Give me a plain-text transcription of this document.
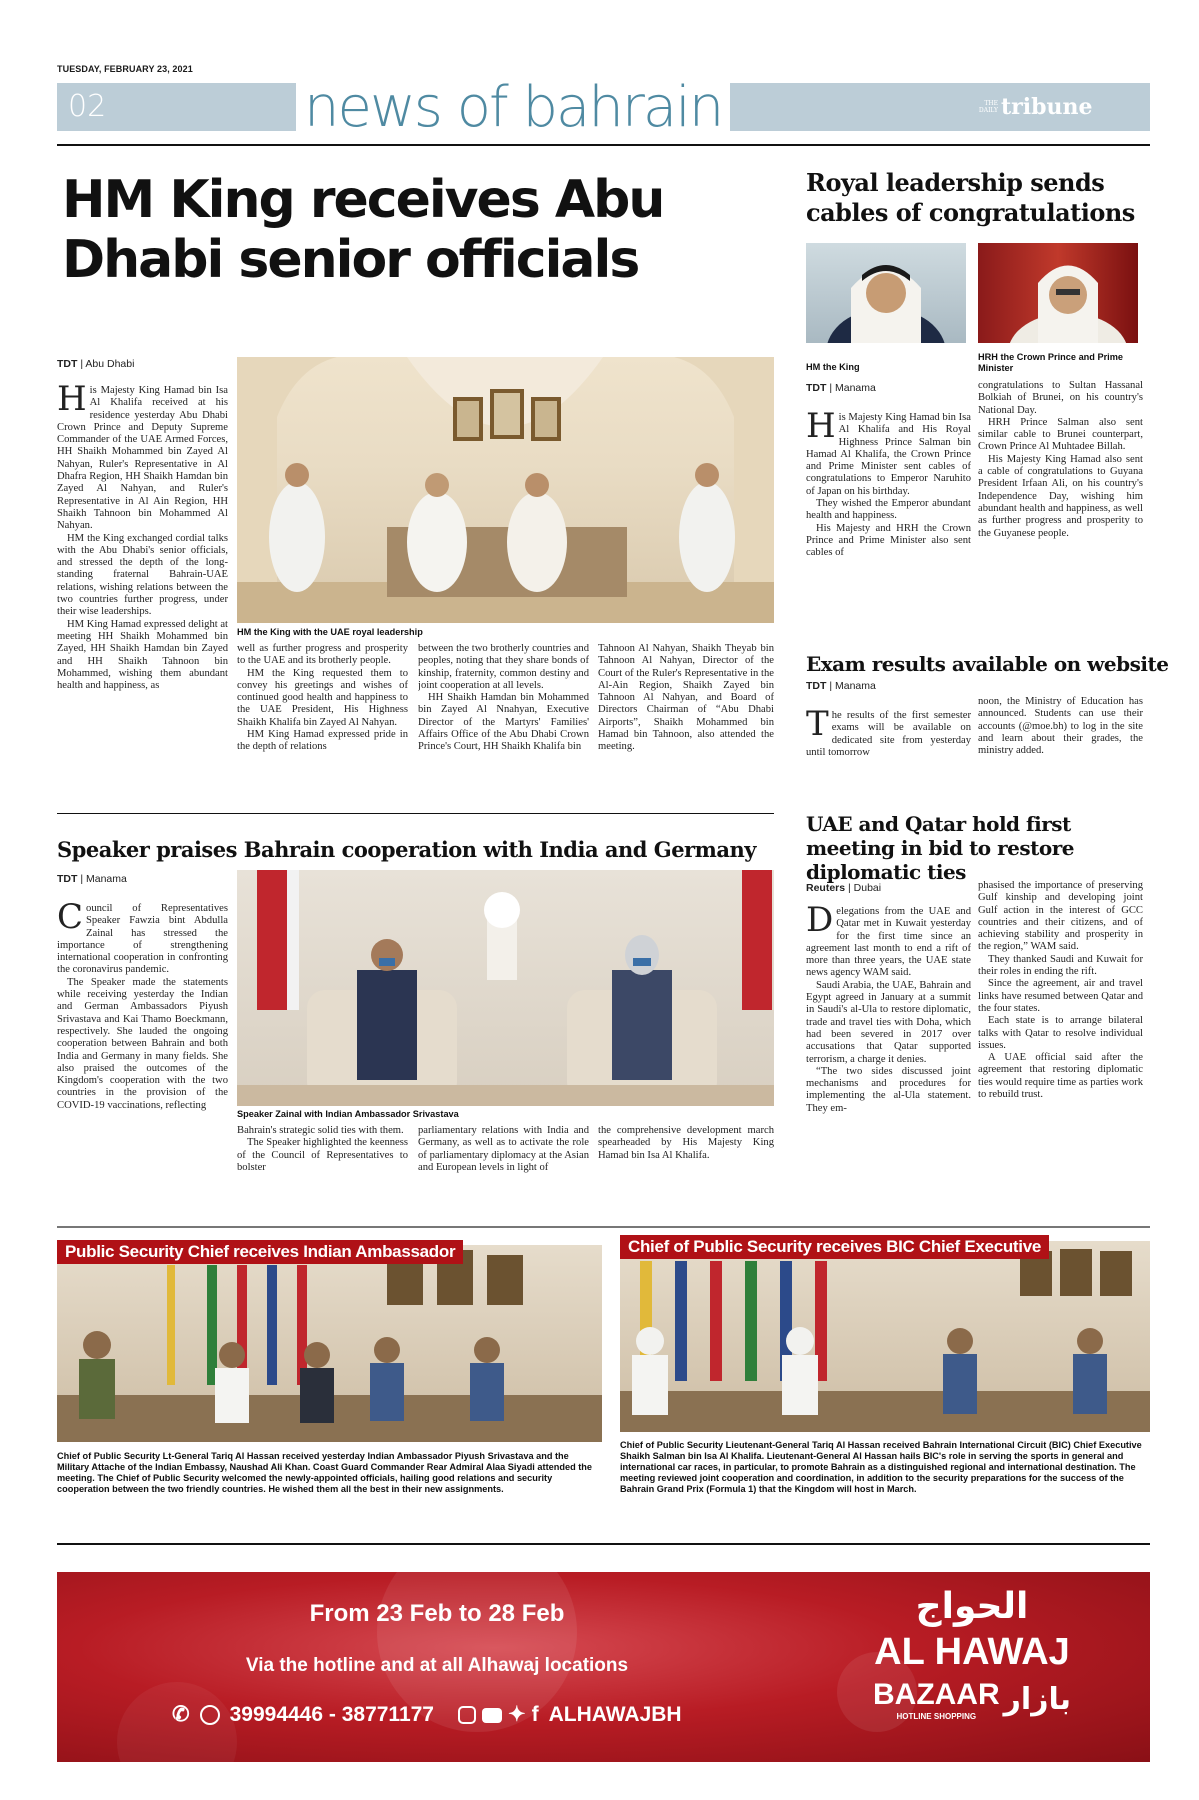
TUESDAY, FEBRUARY 23, 2021
02	news of bahrain	THE DAILY tribune
HM King receives Abu Dhabi senior officials
TDT | Abu Dhabi

His Majesty King Hamad bin Isa Al Khalifa received at his residence yesterday Abu Dhabi Crown Prince and Deputy Supreme Commander of the UAE Armed Forces, HH Shaikh Mohammed bin Zayed Al Nahyan, Ruler's Representative in Al Dhafra Region, HH Shaikh Hamdan bin Zayed Al Nahyan, and Ruler's Representative in Al Ain Region, HH Shaikh Tahnoon bin Mohammed Al Nahyan.

HM the King exchanged cordial talks with the Abu Dhabi's senior officials, and stressed the depth of the long-standing fraternal Bahrain-UAE relations, wishing relations between the two countries further progress, under their wise leaderships.

HM King Hamad expressed delight at meeting HH Shaikh Mohammed bin Zayed, HH Shaikh Hamdan bin Zayed and HH Shaikh Tahnoon bin Mohammed, wishing them abundant health and happiness, as

HM the King with the UAE royal leadership

well as further progress and prosperity to the UAE and its brotherly people.

HM the King requested them to convey his greetings and wishes of continued good health and happiness to the UAE President, His Highness Shaikh Khalifa bin Zayed Al Nahyan.

HM King Hamad expressed pride in the depth of relations

between the two brotherly countries and peoples, noting that they share bonds of kinship, fraternity, common destiny and joint cooperation at all levels.

HH Shaikh Hamdan bin Mohammed bin Zayed Al Nnahyan, Executive Director of the Martyrs' Families' Affairs Office of the Abu Dhabi Crown Prince's Court, HH Shaikh Khalifa bin

Tahnoon Al Nahyan, Shaikh Theyab bin Tahnoon Al Nahyan, Director of the Court of the Ruler's Representative in the Al-Ain Region, Shaikh Zayed bin Tahnoon Al Nahyan, and Board of Directors Chairman of “Abu Dhabi Airports”, Shaikh Mohammed bin Hamad bin Tahnoon, also attended the meeting.

Royal leadership sends cables of congratulations
HM the King
HRH the Crown Prince and Prime Minister
TDT | Manama

His Majesty King Hamad bin Isa Al Khalifa and His Royal Highness Prince Salman bin Hamad Al Khalifa, the Crown Prince and Prime Minister sent cables of congratulations to Emperor Naruhito of Japan on his birthday.

They wished the Emperor abundant health and happiness.

His Majesty and HRH the Crown Prince and Prime Minister also sent cables of

congratulations to Sultan Hassanal Bolkiah of Brunei, on his country's National Day.

HRH Prince Salman also sent similar cable to Brunei counterpart, Crown Prince Al Muhtadee Billah.

His Majesty King Hamad also sent a cable of congratulations to Guyana President Irfaan Ali, on his country's Independence Day, wishing him abundant health and happiness, as well as further progress and prosperity to the Guyanese people.

Exam results available on website
TDT | Manama

The results of the first semester exams will be available on dedicated site from yesterday until tomorrow

noon, the Ministry of Education has announced. Students can use their accounts (@moe.bh) to log in the site and learn about their grades, the ministry added.

Speaker praises Bahrain cooperation with India and Germany
TDT | Manama

Council of Representatives Speaker Fawzia bint Abdulla Zainal has stressed the importance of strengthening international cooperation in confronting the coronavirus pandemic.

The Speaker made the statements while receiving yesterday the Indian and German Ambassadors Piyush Srivastava and Kai Thamo Boeckmann, respectively. She lauded the ongoing cooperation between Bahrain and both India and Germany in many fields. She also praised the outcomes of the Kingdom's cooperation with the two countries in the provision of the COVID-19 vaccinations, reflecting

Speaker Zainal with Indian Ambassador Srivastava

Bahrain's strategic solid ties with them.

The Speaker highlighted the keenness of the Council of Representatives to bolster

parliamentary relations with India and Germany, as well as to activate the role of parliamentary diplomacy at the Asian and European levels in light of

the comprehensive development march spearheaded by His Majesty King Hamad bin Isa Al Khalifa.

UAE and Qatar hold first meeting in bid to restore diplomatic ties
Reuters | Dubai

Delegations from the UAE and Qatar met in Kuwait yesterday for the first time since an agreement last month to end a rift of more than three years, the UAE state news agency WAM said.

Saudi Arabia, the UAE, Bahrain and Egypt agreed in January at a summit in Saudi's al-Ula to restore diplomatic, trade and travel ties with Doha, which had been severed in 2017 over accusations that Qatar supported terrorism, a charge it denies.

“The two sides discussed joint mechanisms and procedures for implementing the al-Ula statement. They em-

phasised the importance of preserving Gulf kinship and developing joint Gulf action in the interest of GCC countries and their citizens, and of achieving stability and prosperity in the region,” WAM said.

They thanked Saudi and Kuwait for their roles in ending the rift.

Since the agreement, air and travel links have resumed between Qatar and the four states.

Each state is to arrange bilateral talks with Qatar to resolve individual issues.

A UAE official said after the agreement that restoring diplomatic ties would require time as parties work to rebuild trust.

Public Security Chief receives Indian Ambassador
Chief of Public Security Lt-General Tariq Al Hassan received yesterday Indian Ambassador Piyush Srivastava and the Military Attache of the Indian Embassy, Naushad Ali Khan. Coast Guard Commander Rear Admiral Alaa Siyadi attended the meeting. The Chief of Public Security welcomed the newly-appointed officials, hailing good relations and security cooperation between the two friendly countries. He wished them all the best in their new assignments.
Chief of Public Security receives BIC Chief Executive
Chief of Public Security Lieutenant-General Tariq Al Hassan received Bahrain International Circuit (BIC) Chief Executive Shaikh Salman bin Isa Al Khalifa. Lieutenant-General Al Hassan hails BIC's role in serving the sports in general and international car races, in particular, to promote Bahrain as a distinguished regional and international destination. The meeting reviewed joint cooperation and coordination, in addition to the security preparations for the success of the Bahrain Grand Prix (Formula 1) that the Kingdom will host in March.
From 23 Feb to 28 Feb
Via the hotline and at all Alhawaj locations
✆ 39994446 - 38771177	✦ f ALHAWAJBH
الحواج
AL HAWAJ
BAZAAR
HOTLINE SHOPPING بازار
